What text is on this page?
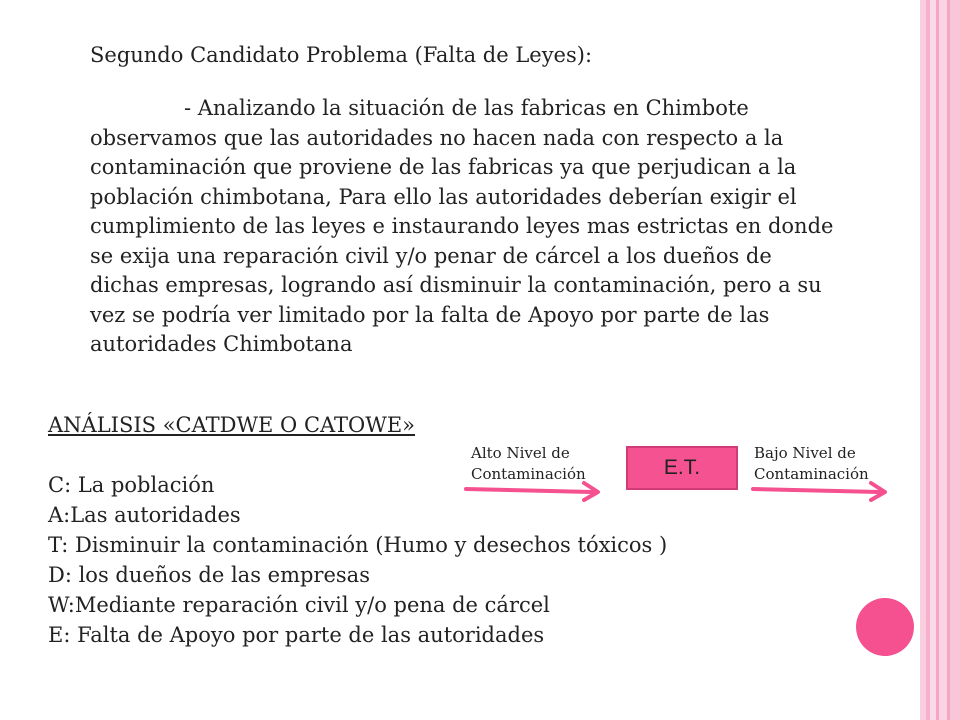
Segundo Candidato Problema (Falta de Leyes):
- Analizando la situación de las fabricas en Chimbote
observamos que las autoridades no hacen nada con respecto a la
contaminación que proviene de las fabricas ya que perjudican a la
población chimbotana, Para ello las autoridades deberían exigir el
cumplimiento de las leyes e instaurando leyes mas estrictas en donde
se exija una reparación civil y/o penar de cárcel a los dueños de
dichas empresas, logrando así disminuir la contaminación, pero a su
vez se podría ver limitado por la falta de Apoyo por parte de las
autoridades Chimbotana
ANÁLISIS «CATDWE O CATOWE»
C: La población
A:Las autoridades
T: Disminuir la contaminación (Humo y desechos tóxicos )
D: los dueños de las empresas
W:Mediante reparación civil y/o pena de cárcel
E: Falta de Apoyo por parte de las autoridades
Alto Nivel de
Contaminación	E.T.
Bajo Nivel de
Contaminación
